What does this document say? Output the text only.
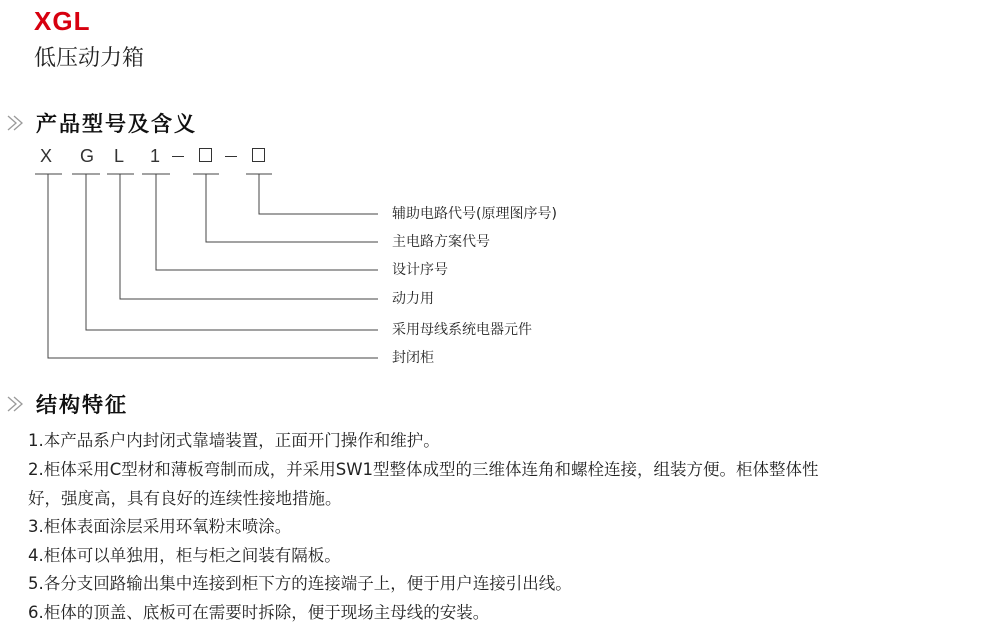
XGL
低压动力箱
产品型号及含义
X G L 1
辅助电路代号(原理图序号)
主电路方案代号
设计序号
动力用
采用母线系统电器元件
封闭柜
结构特征
1.本产品系户内封闭式靠墙装置，正面开门操作和维护。
2.柜体采用C型材和薄板弯制而成，并采用SW1型整体成型的三维体连角和螺栓连接，组装方便。柜体整体性
好，强度高，具有良好的连续性接地措施。
3.柜体表面涂层采用环氧粉末喷涂。
4.柜体可以单独用，柜与柜之间装有隔板。
5.各分支回路输出集中连接到柜下方的连接端子上，便于用户连接引出线。
6.柜体的顶盖、底板可在需要时拆除，便于现场主母线的安装。
